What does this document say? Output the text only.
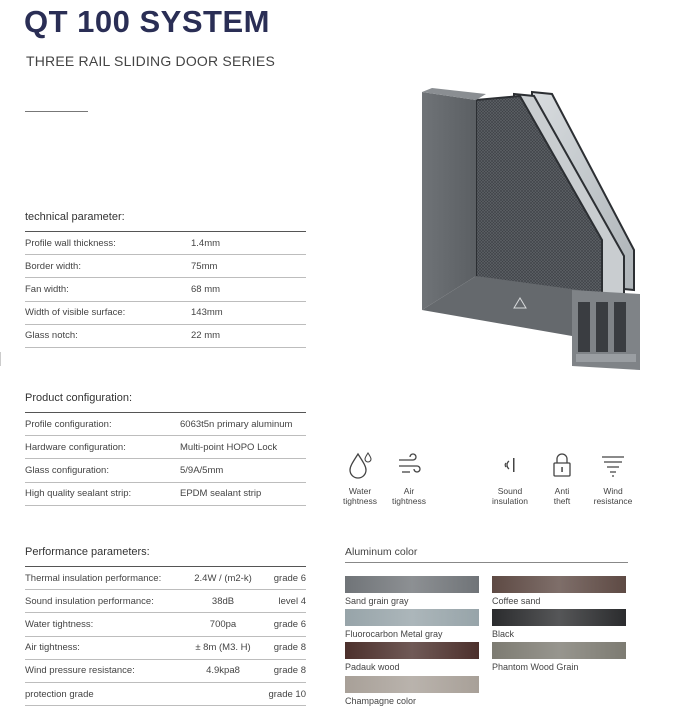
QT 100 SYSTEM
THREE RAIL SLIDING DOOR SERIES
technical parameter:
Profile wall thickness:	1.4mm
Border width:	75mm
Fan width:	68 mm
Width of visible surface:	143mm
Glass notch:	22 mm
Product configuration:
Profile configuration:	6063t5n primary aluminum
Hardware configuration:	Multi-point HOPO Lock
Glass configuration:	5/9A/5mm
High quality sealant strip:	EPDM sealant strip
Performance parameters:
Thermal insulation performance:	2.4W / (m2-k)	grade 6
Sound insulation performance:	38dB	level 4
Water tightness:	700pa	grade 6
Air tightness:	± 8m (M3. H)	grade 8
Wind pressure resistance:	4.9kpa8	grade 8
protection grade		grade 10
Water
tightness
Air
tightness
Sound
insulation
Anti
theft
Wind
resistance
Aluminum color
Sand grain gray	Coffee sand
Fluorocarbon Metal gray	Black
Padauk wood	Phantom Wood Grain
Champagne color
